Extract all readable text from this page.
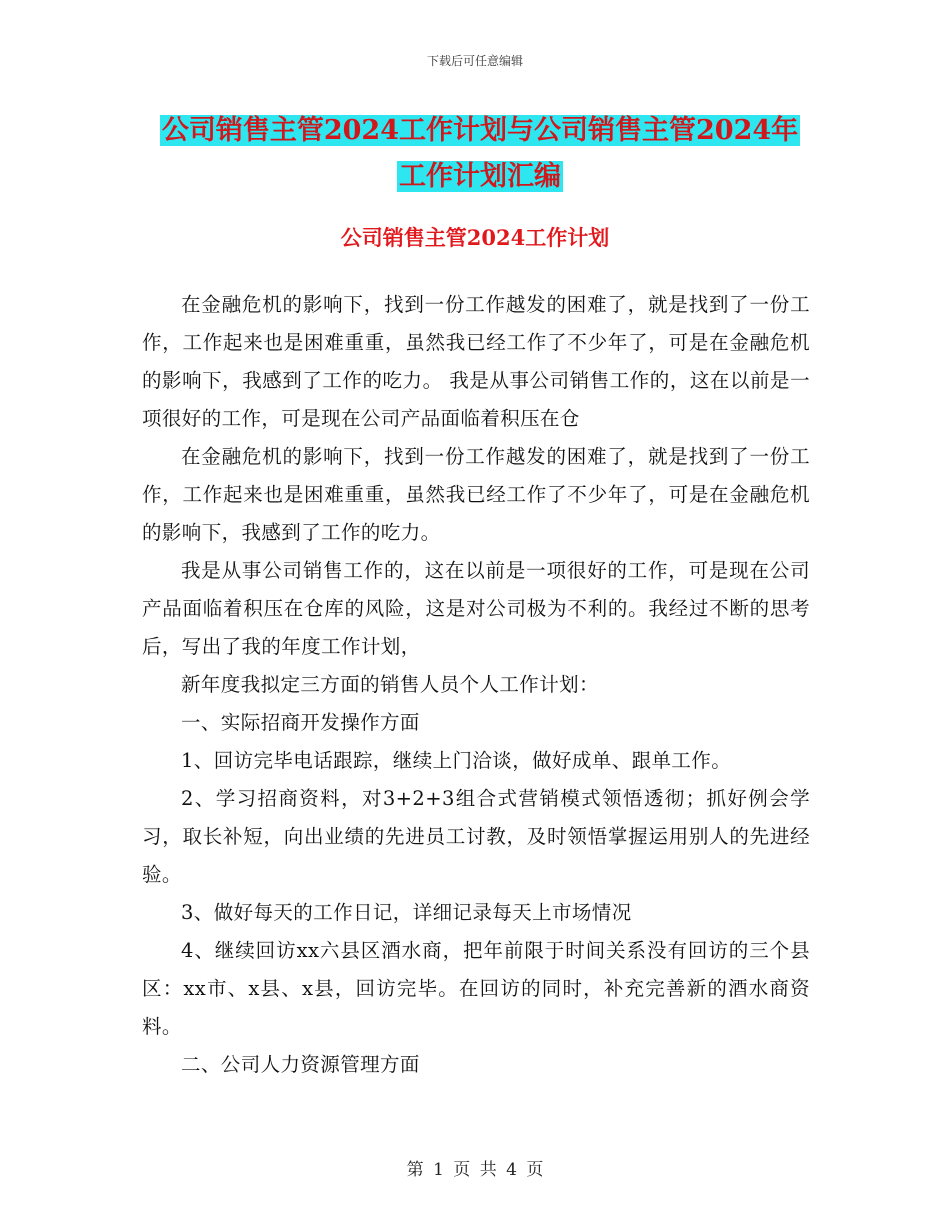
下载后可任意编辑
公司销售主管2024工作计划与公司销售主管2024年
工作计划汇编
公司销售主管2024工作计划

在金融危机的影响下，找到一份工作越发的困难了，就是找到了一份工作，工作起来也是困难重重，虽然我已经工作了不少年了，可是在金融危机的影响下，我感到了工作的吃力。 我是从事公司销售工作的，这在以前是一项很好的工作，可是现在公司产品面临着积压在仓

在金融危机的影响下，找到一份工作越发的困难了，就是找到了一份工作，工作起来也是困难重重，虽然我已经工作了不少年了，可是在金融危机的影响下，我感到了工作的吃力。

我是从事公司销售工作的，这在以前是一项很好的工作，可是现在公司产品面临着积压在仓库的风险，这是对公司极为不利的。我经过不断的思考后，写出了我的年度工作计划，

新年度我拟定三方面的销售人员个人工作计划：

一、实际招商开发操作方面

1、回访完毕电话跟踪，继续上门洽谈，做好成单、跟单工作。

2、学习招商资料，对3+2+3组合式营销模式领悟透彻；抓好例会学习，取长补短，向出业绩的先进员工讨教，及时领悟掌握运用别人的先进经验。

3、做好每天的工作日记，详细记录每天上市场情况

4、继续回访xx六县区酒水商，把年前限于时间关系没有回访的三个县区：xx市、x县、x县，回访完毕。在回访的同时，补充完善新的酒水商资料。

二、公司人力资源管理方面

第 1 页 共 4 页
